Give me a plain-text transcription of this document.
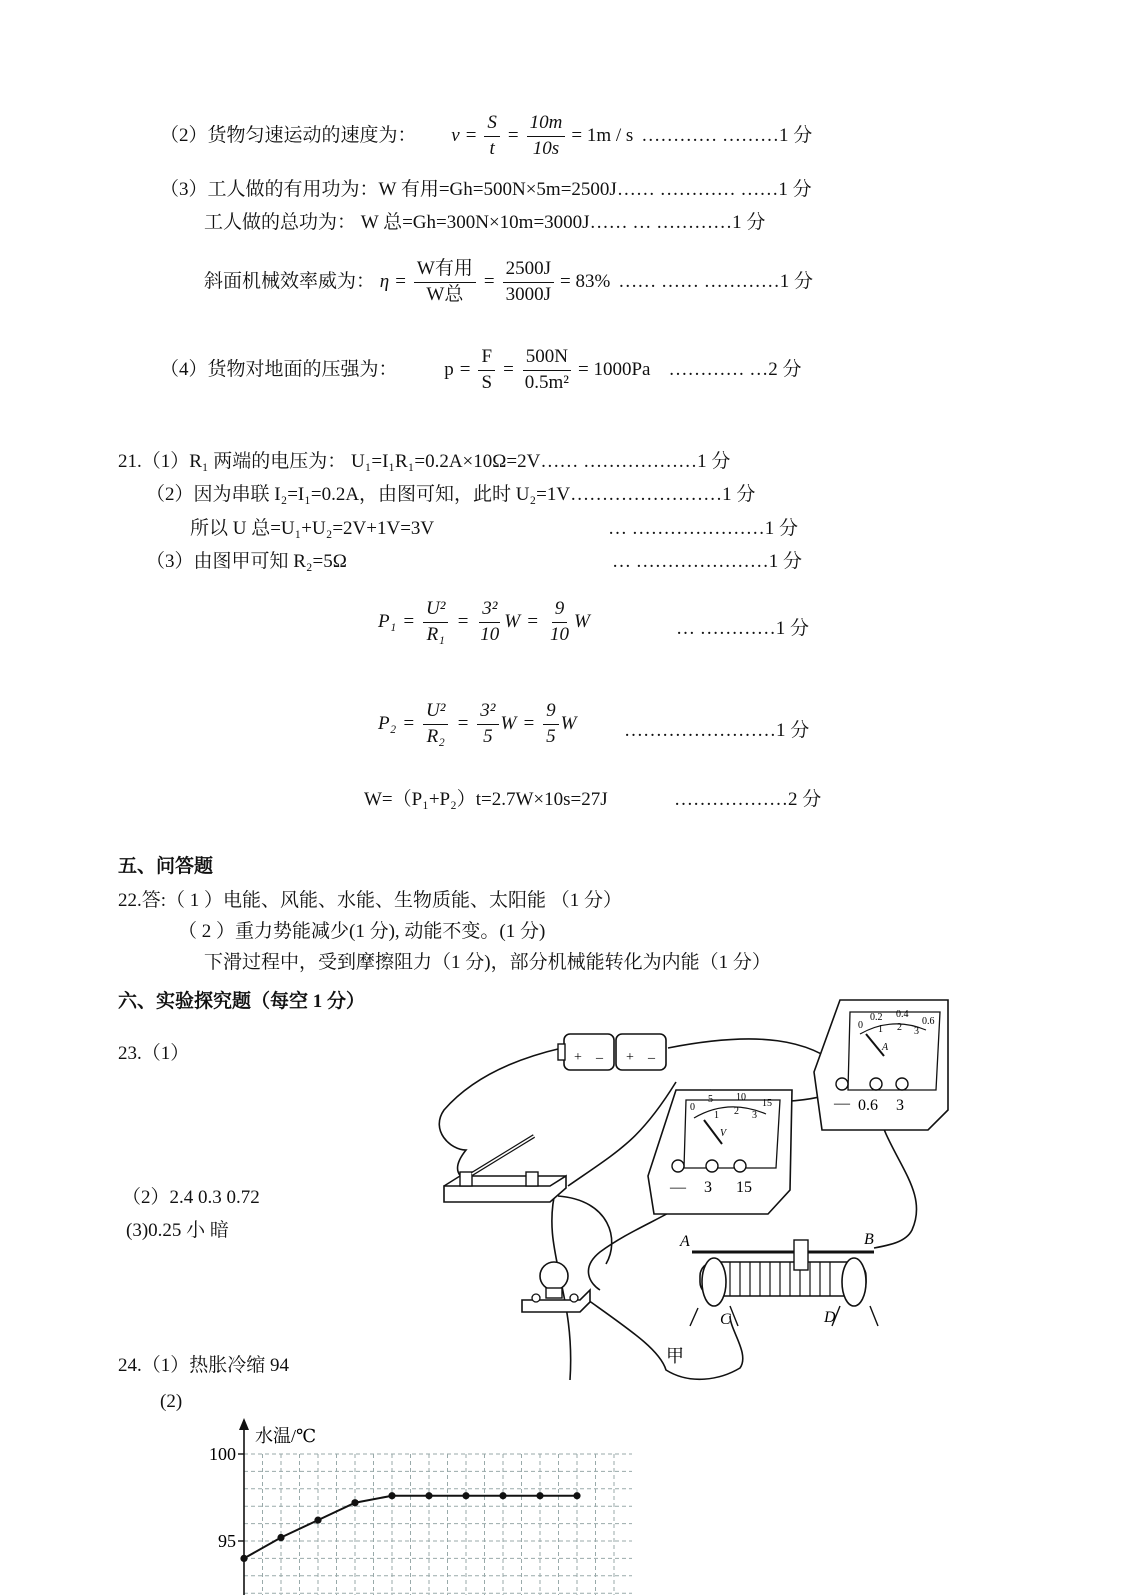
（2）货物匀速运动的速度为： $v = \frac{S}{t} = \frac{10m}{10s} = 1m / s$ ………… ………1 分
（3）工人做的有用功为：W 有用=Gh=500N×5m=2500J…… ………… ……1 分
工人做的总功为： W 总=Gh=300N×10m=3000J…… … …………1 分
斜面机械效率威为： $\eta = \frac{\text{W有用}}{\text{W总}} = \frac{2500J}{3000J} = 83\%$ …… …… …………1 分
（4）货物对地面的压强为： $p = \frac{F}{S} = \frac{500N}{\text{0.5m²}} = 1000Pa$ ………… …2 分
21.（1）R₁ 两端的电压为： U₁=I₁R₁=0.2A×10Ω=2V…… ………………1 分
（2）因为串联 I₂=I₁=0.2A，由图可知，此时 U₂=1V……………………1 分
所以 U 总=U₁+U₂=2V+1V=3V	… …………………1 分
（3）由图甲可知 R₂=5Ω	… …………………1 分
$P_1 = \frac{\text{U²}}{\text{R₁}} = \frac{\text{3²}}{10}$ $W = \frac{9}{10}$ W	… …………1 分
$P_2 = \frac{\text{U²}}{\text{R₂}} = \frac{\text{3²}}{5}$ $W = \frac{9}{5}$ W	……………………1 分
W=（P₁+P₂）t=2.7W×10s=27J	………………2 分
五、问答题
22.答:（ 1 ）电能、风能、水能、生物质能、太阳能 （1 分）
（ 2 ）重力势能减少(1 分), 动能不变。(1 分)
下滑过程中，受到摩擦阻力（1 分)，部分机械能转化为内能（1 分）
六、实验探究题（每空 1 分）
23.（1）
（2）2.4 0.3 0.72
(3)0.25 小 暗
+ _ + _
0
0.2 0.4
0.6
1 2 3
A
— 0.6 3
0
5 10
15
1 2 3
V
— 3 15
A	B
C	D
甲
24.（1）热胀冷缩 94
(2)
95
100
水温/℃
